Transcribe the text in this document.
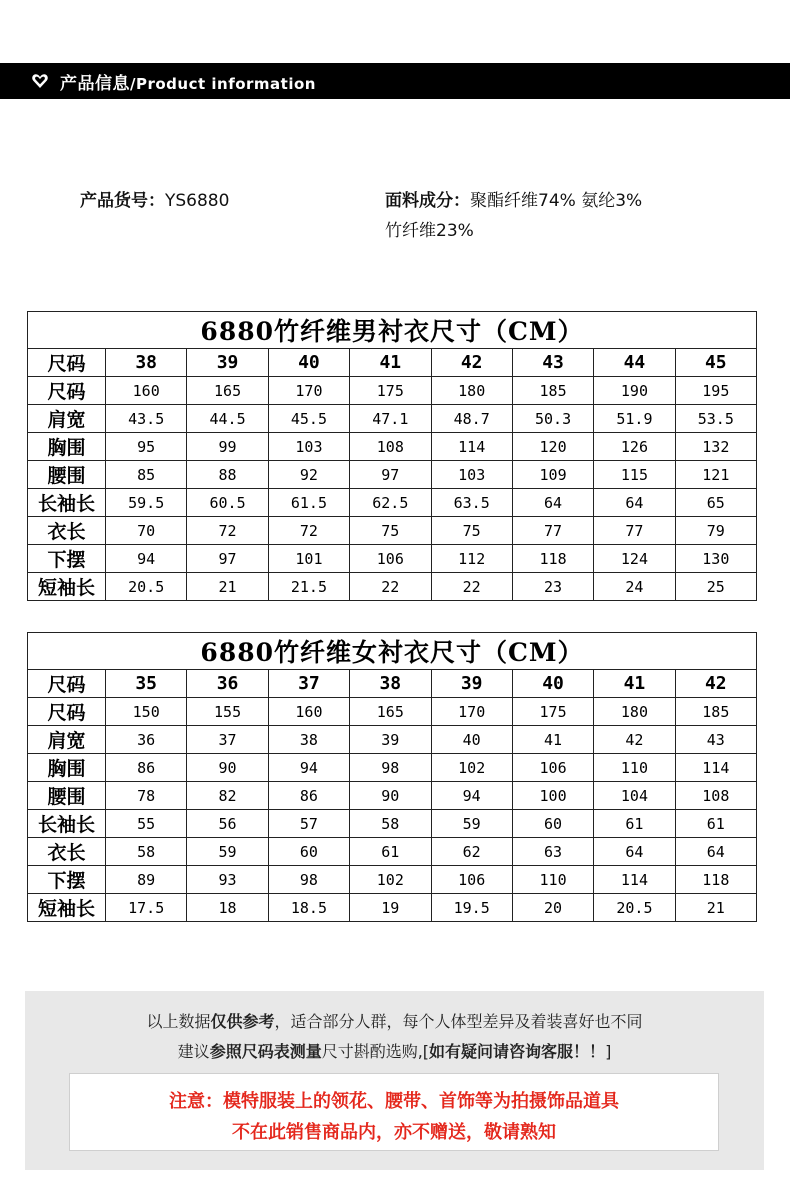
产品信息/Product information
产品货号：YS6880	面料成分：聚酯纤维74% 氨纶3%
竹纤维23%
6880竹纤维男衬衣尺寸（CM）								
尺码	38	39	40	41	42	43	44	45
尺码	160	165	170	175	180	185	190	195
肩宽	43.5	44.5	45.5	47.1	48.7	50.3	51.9	53.5
胸围	95	99	103	108	114	120	126	132
腰围	85	88	92	97	103	109	115	121
长袖长	59.5	60.5	61.5	62.5	63.5	64	64	65
衣长	70	72	72	75	75	77	77	79
下摆	94	97	101	106	112	118	124	130
短袖长	20.5	21	21.5	22	22	23	24	25
6880竹纤维女衬衣尺寸（CM）								
尺码	35	36	37	38	39	40	41	42
尺码	150	155	160	165	170	175	180	185
肩宽	36	37	38	39	40	41	42	43
胸围	86	90	94	98	102	106	110	114
腰围	78	82	86	90	94	100	104	108
长袖长	55	56	57	58	59	60	61	61
衣长	58	59	60	61	62	63	64	64
下摆	89	93	98	102	106	110	114	118
短袖长	17.5	18	18.5	19	19.5	20	20.5	21
以上数据仅供参考，适合部分人群，每个人体型差异及着装喜好也不同
建议参照尺码表测量尺寸斟酌选购,[如有疑问请咨询客服！！]
注意：模特服装上的领花、腰带、首饰等为拍摄饰品道具
不在此销售商品内，亦不赠送，敬请熟知
